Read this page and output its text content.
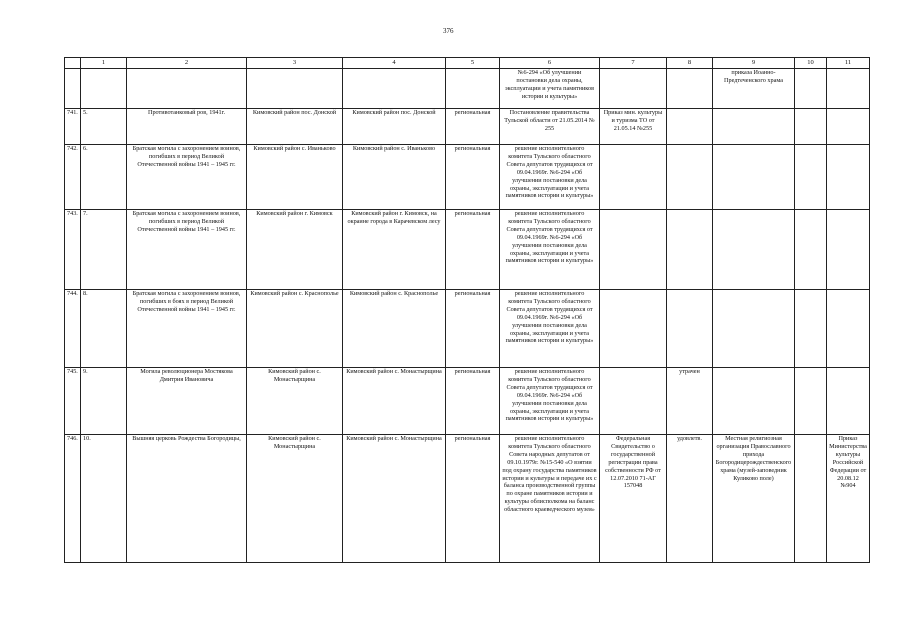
376
	1	2	3	4	5	6	7	8	9	10	11
						№6-294 «Об улучшении постановки дела охраны, эксплуатации и учета памятников истории и культуры»			приказа Иоанно-Предтеченского храма		
741.	5.	Противотанковый ров, 1941г.	Кимовский район пос. Донской	Кимовский район пос. Донской	региональная	Постановление правительства Тульской области от 21.05.2014 № 255	Приказ мин. культуры и туризма ТО от 21.05.14 №255				
742.	6.	Братская могила с захоронением воинов, погибших в период Великой Отечественной войны 1941 – 1945 гг.	Кимовский район с. Иваньково	Кимовский район с. Иваньково	региональная	решение исполнительного комитета Тульского областного Совета депутатов трудящихся от 09.04.1969г. №6-294 «Об улучшении постановки дела охраны, эксплуатации и учета памятников истории и культуры»					
743.	7.	Братская могила с захоронением воинов, погибших в период Великой Отечественной войны 1941 – 1945 гг.	Кимовский район г. Кимовск	Кимовский район г. Кимовск, на окраине города в Карачевском лесу	региональная	решение исполнительного комитета Тульского областного Совета депутатов трудящихся от 09.04.1969г. №6-294 «Об улучшении постановки дела охраны, эксплуатации и учета памятников истории и культуры»					
744.	8.	Братская могила с захоронением воинов, погибших в боях в период Великой Отечественной войны 1941 – 1945 гг.	Кимовский район с. Краснополье	Кимовский район с. Краснополье	региональная	решение исполнительного комитета Тульского областного Совета депутатов трудящихся от 09.04.1969г. №6-294 «Об улучшении постановки дела охраны, эксплуатации и учета памятников истории и культуры»					
745.	9.	Могила революционера Мостякова Дмитрия Ивановича	Кимовский район с. Монастырщина	Кимовский район с. Монастырщина	региональная	решение исполнительного комитета Тульского областного Совета депутатов трудящихся от 09.04.1969г. №6-294 «Об улучшении постановки дела охраны, эксплуатации и учета памятников истории и культуры»		утрачен			
746.	10.	Вышняя церковь Рождества Богородицы,	Кимовский район с. Монастырщина	Кимовский район с. Монастырщина	региональная	решение исполнительного комитета Тульского областного Совета народных депутатов от 09.10.1979г. №15-540 «О взятии под охрану государства памятников истории и культуры и передаче их с баланса производственной группы по охране памятников истории и культуры облисполкома на баланс областного краеведческого музея»	Федеральная Свидетельство о государственной регистрации права собственности РФ от 12.07.2010 71-АГ 157048	удовлетв.	Местная религиозная организация Православного прихода Богородицерождественского храма (музей-заповедник Куликово поле)		Приказ Министерства культуры Российской Федерации от 20.08.12 №904
